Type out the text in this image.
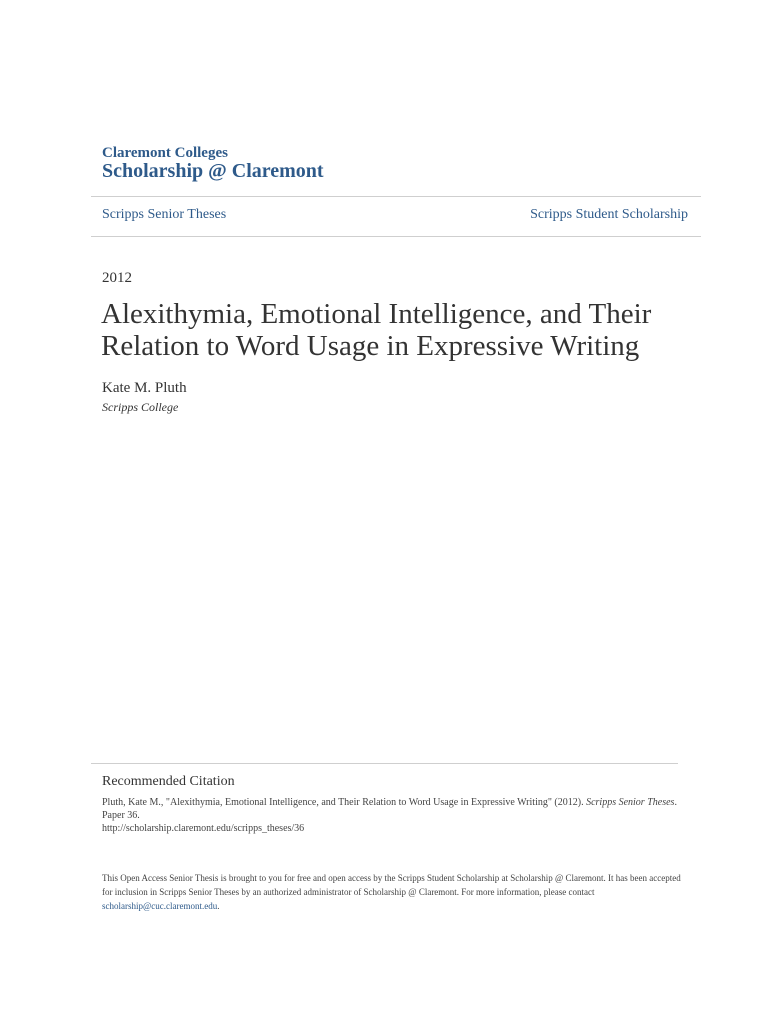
Claremont Colleges
Scholarship @ Claremont
Scripps Senior Theses	Scripps Student Scholarship
2012
Alexithymia, Emotional Intelligence, and Their
Relation to Word Usage in Expressive Writing
Kate M. Pluth
Scripps College
Recommended Citation
Pluth, Kate M., "Alexithymia, Emotional Intelligence, and Their Relation to Word Usage in Expressive Writing" (2012). Scripps Senior Theses. Paper 36.
http://scholarship.claremont.edu/scripps_theses/36
This Open Access Senior Thesis is brought to you for free and open access by the Scripps Student Scholarship at Scholarship @ Claremont. It has been accepted for inclusion in Scripps Senior Theses by an authorized administrator of Scholarship @ Claremont. For more information, please contact
scholarship@cuc.claremont.edu.
